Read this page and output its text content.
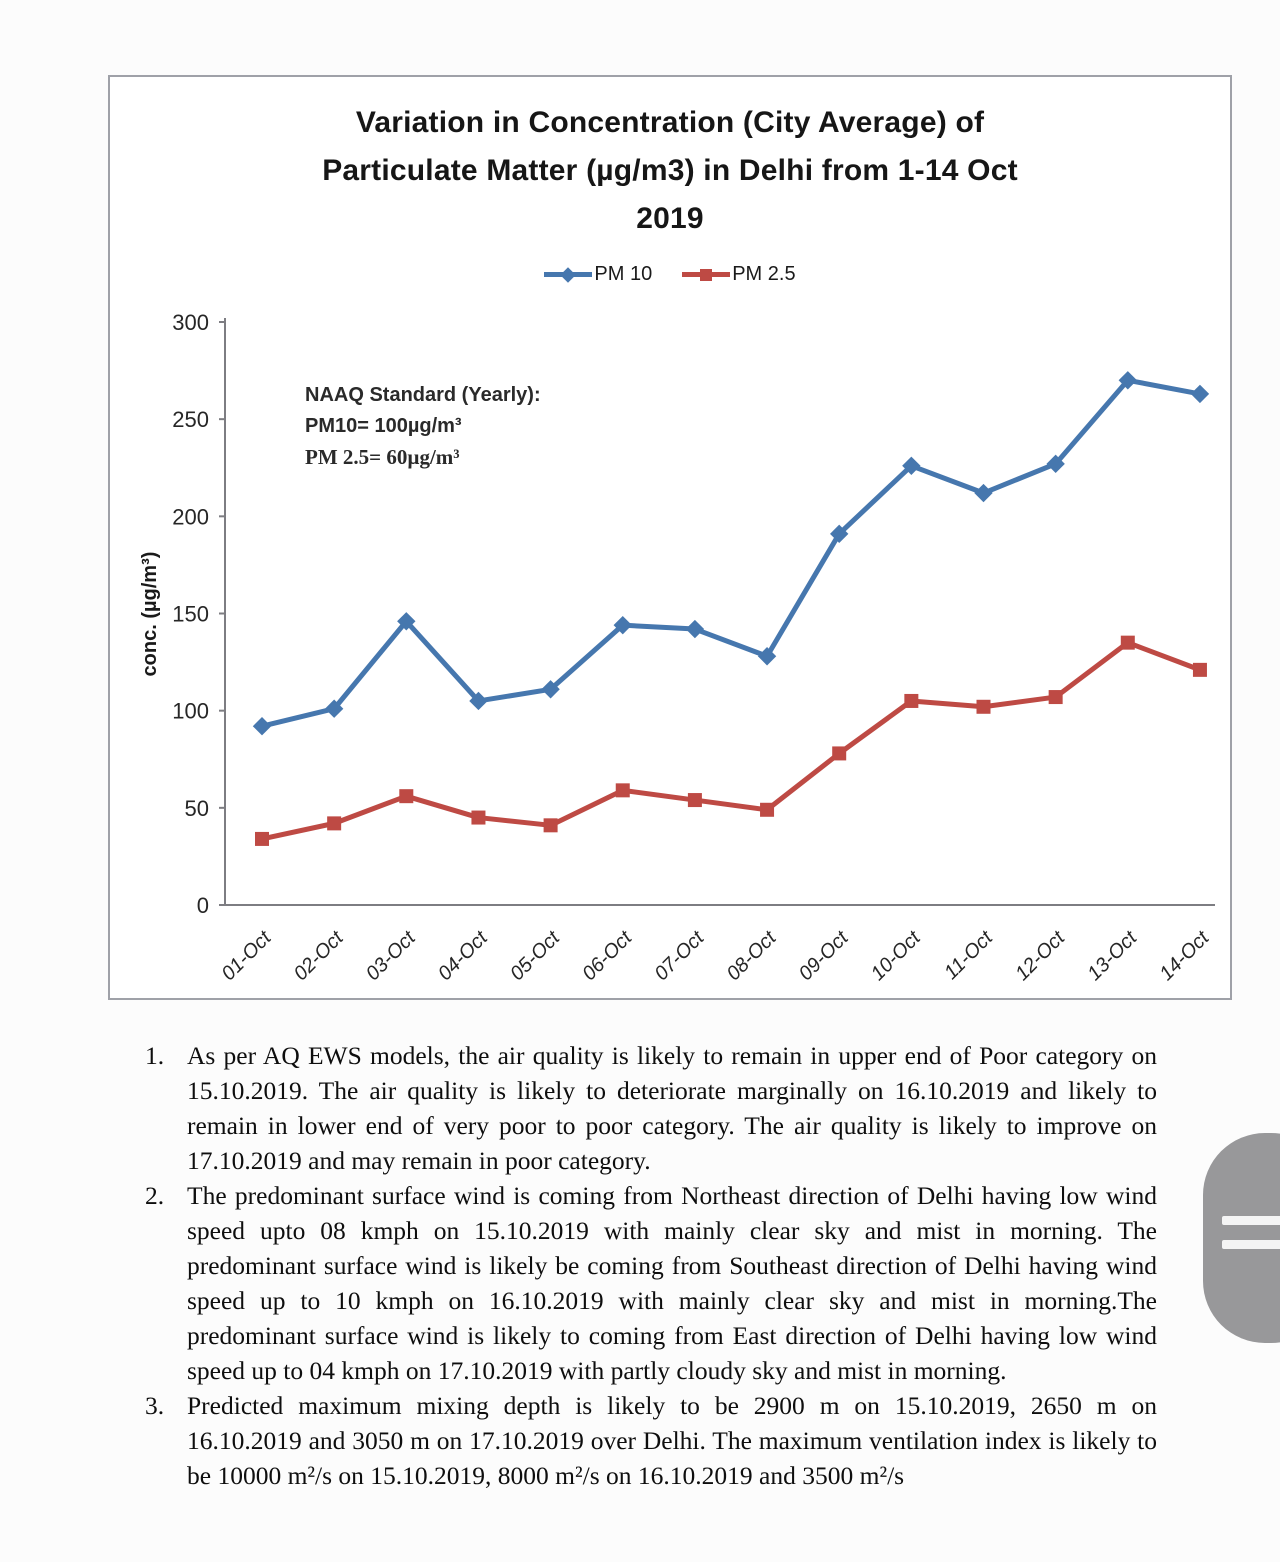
Variation in Concentration (City Average) of
Particulate Matter (µg/m3) in Delhi from 1-14 Oct
2019
PM 10	PM 2.5
conc. (µg/m³)
NAAQ Standard (Yearly):
PM10= 100µg/m³
PM 2.5= 60µg/m³
0
50
100
150
200
250
300
01-Oct 02-Oct 03-Oct 04-Oct 05-Oct 06-Oct 07-Oct 08-Oct 09-Oct 10-Oct 11-Oct 12-Oct 13-Oct 14-Oct
1. As per AQ EWS models, the air quality is likely to remain in upper end of Poor category on 15.10.2019. The air quality is likely to deteriorate marginally on 16.10.2019 and likely to remain in lower end of very poor to poor category. The air quality is likely to improve on 17.10.2019 and may remain in poor category.
2. The predominant surface wind is coming from Northeast direction of Delhi having low wind speed upto 08 kmph on 15.10.2019 with mainly clear sky and mist in morning. The predominant surface wind is likely be coming from Southeast direction of Delhi having wind speed up to 10 kmph on 16.10.2019 with mainly clear sky and mist in morning.The predominant surface wind is likely to coming from East direction of Delhi having low wind speed up to 04 kmph on 17.10.2019 with partly cloudy sky and mist in morning.
3. Predicted maximum mixing depth is likely to be 2900 m on 15.10.2019, 2650 m on 16.10.2019 and 3050 m on 17.10.2019 over Delhi. The maximum ventilation index is likely to be 10000 m²/s on 15.10.2019, 8000 m²/s on 16.10.2019 and 3500 m²/s
